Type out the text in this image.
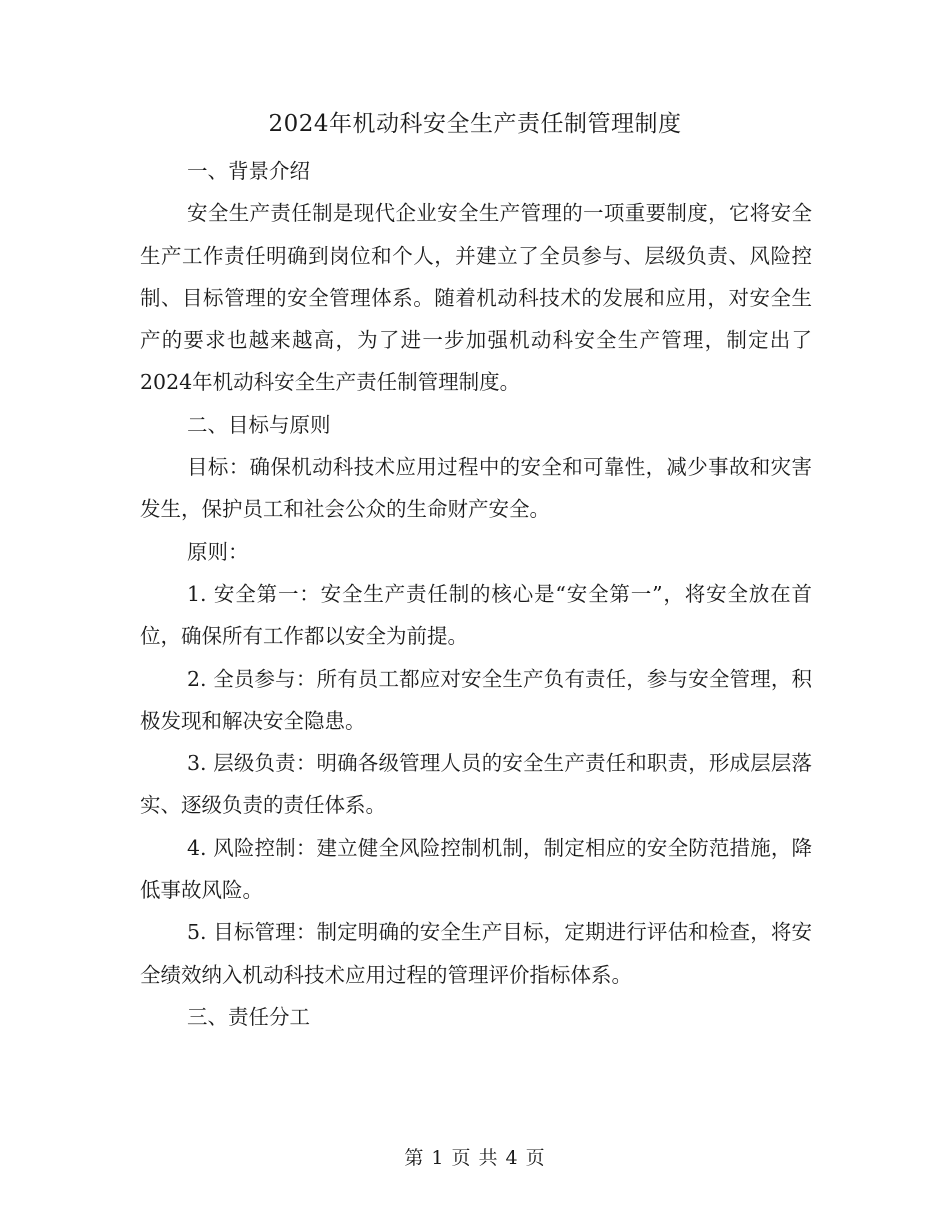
2024年机动科安全生产责任制管理制度

一、背景介绍

安全生产责任制是现代企业安全生产管理的一项重要制度，它将安全生产工作责任明确到岗位和个人，并建立了全员参与、层级负责、风险控制、目标管理的安全管理体系。随着机动科技术的发展和应用，对安全生产的要求也越来越高，为了进一步加强机动科安全生产管理，制定出了2024年机动科安全生产责任制管理制度。

二、目标与原则

目标：确保机动科技术应用过程中的安全和可靠性，减少事故和灾害发生，保护员工和社会公众的生命财产安全。

原则：

1. 安全第一：安全生产责任制的核心是“安全第一”，将安全放在首位，确保所有工作都以安全为前提。

2. 全员参与：所有员工都应对安全生产负有责任，参与安全管理，积极发现和解决安全隐患。

3. 层级负责：明确各级管理人员的安全生产责任和职责，形成层层落实、逐级负责的责任体系。

4. 风险控制：建立健全风险控制机制，制定相应的安全防范措施，降低事故风险。

5. 目标管理：制定明确的安全生产目标，定期进行评估和检查，将安全绩效纳入机动科技术应用过程的管理评价指标体系。

三、责任分工

第 1 页 共 4 页
